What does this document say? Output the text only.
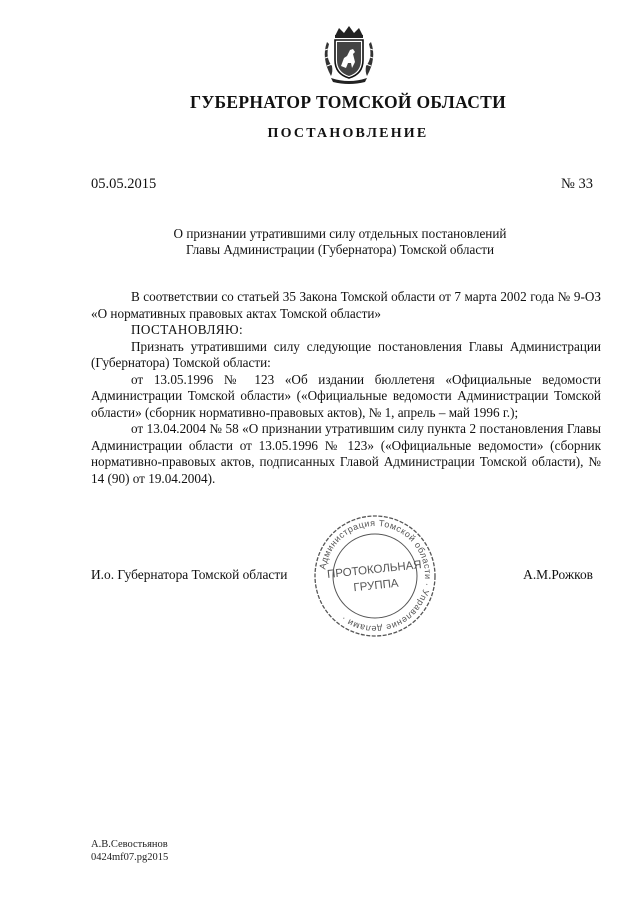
ГУБЕРНАТОР ТОМСКОЙ ОБЛАСТИ
ПОСТАНОВЛЕНИЕ
05.05.2015	№ 33
О признании утратившими силу отдельных постановлений
Главы Администрации (Губернатора) Томской области

В соответствии со статьей 35 Закона Томской области от 7 марта 2002 года № 9-ОЗ «О нормативных правовых актах Томской области»

ПОСТАНОВЛЯЮ:

Признать утратившими силу следующие постановления Главы Администрации (Губернатора) Томской области:

от 13.05.1996 № 123 «Об издании бюллетеня «Официальные ведомости Администрации Томской области» («Официальные ведомости Администрации Томской области» (сборник нормативно-правовых актов), № 1, апрель – май 1996 г.);

от 13.04.2004 № 58 «О признании утратившим силу пункта 2 постановления Главы Администрации области от 13.05.1996 № 123» («Официальные ведомости» (сборник нормативно-правовых актов, подписанных Главой Администрации Томской области), № 14 (90) от 19.04.2004).

Администрация Томской области · Управление делами ·
ПРОТОКОЛЬНАЯ
ГРУППА
И.о. Губернатора Томской области	А.М.Рожков
А.В.Севостьянов
0424mf07.pg2015
